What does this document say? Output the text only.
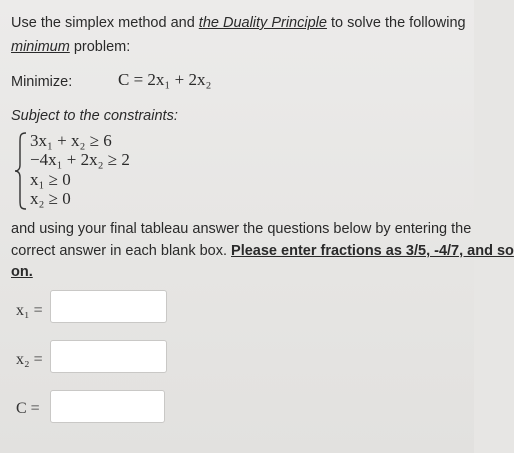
Use the simplex method and the Duality Principle to solve the following
minimum problem:
Minimize:	C = 2x₁ + 2x₂
Subject to the constraints:
3x₁ + x₂ ≥ 6
−4x₁ + 2x₂ ≥ 2
x₁ ≥ 0
x₂ ≥ 0
and using your final tableau answer the questions below by entering the
correct answer in each blank box. Please enter fractions as 3/5, -4/7, and so
on.
x₁ =
x₂ =
C =
